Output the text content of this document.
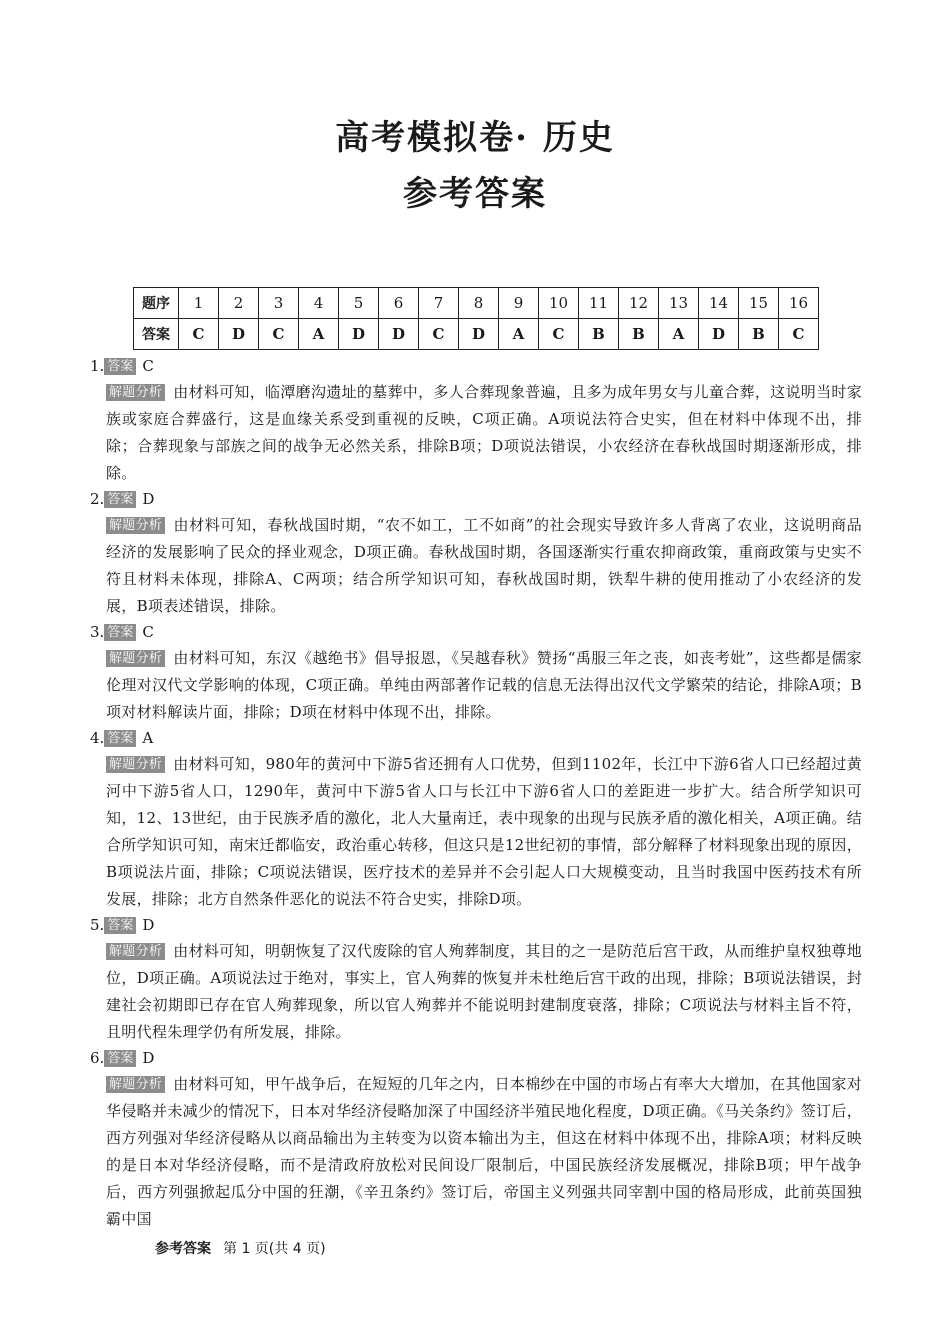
高考模拟卷· 历史
参考答案
题序	1	2	3	4	5	6	7	8	9	10	11	12	13	14	15	16
答案	C	D	C	A	D	D	C	D	A	C	B	B	A	D	B	C
1. 答案 C
解题分析 由材料可知，临潭磨沟遗址的墓葬中，多人合葬现象普遍，且多为成年男女与儿童合葬，这说明当时家族或家庭合葬盛行，这是血缘关系受到重视的反映，C项正确。A项说法符合史实，但在材料中体现不出，排除；合葬现象与部族之间的战争无必然关系，排除B项；D项说法错误，小农经济在春秋战国时期逐渐形成，排除。
2. 答案 D
解题分析 由材料可知，春秋战国时期，“农不如工，工不如商”的社会现实导致许多人背离了农业，这说明商品经济的发展影响了民众的择业观念，D项正确。春秋战国时期，各国逐渐实行重农抑商政策，重商政策与史实不符且材料未体现，排除A、C两项；结合所学知识可知，春秋战国时期，铁犁牛耕的使用推动了小农经济的发展，B项表述错误，排除。
3. 答案 C
解题分析 由材料可知，东汉《越绝书》倡导报恩，《吴越春秋》赞扬“禹服三年之丧，如丧考妣”，这些都是儒家伦理对汉代文学影响的体现，C项正确。单纯由两部著作记载的信息无法得出汉代文学繁荣的结论，排除A项；B项对材料解读片面，排除；D项在材料中体现不出，排除。
4. 答案 A
解题分析 由材料可知，980年的黄河中下游5省还拥有人口优势，但到1102年，长江中下游6省人口已经超过黄河中下游5省人口，1290年，黄河中下游5省人口与长江中下游6省人口的差距进一步扩大。结合所学知识可知，12、13世纪，由于民族矛盾的激化，北人大量南迁，表中现象的出现与民族矛盾的激化相关，A项正确。结合所学知识可知，南宋迁都临安，政治重心转移，但这只是12世纪初的事情，部分解释了材料现象出现的原因，B项说法片面，排除；C项说法错误，医疗技术的差异并不会引起人口大规模变动，且当时我国中医药技术有所发展，排除；北方自然条件恶化的说法不符合史实，排除D项。
5. 答案 D
解题分析 由材料可知，明朝恢复了汉代废除的官人殉葬制度，其目的之一是防范后宫干政，从而维护皇权独尊地位，D项正确。A项说法过于绝对，事实上，官人殉葬的恢复并未杜绝后宫干政的出现，排除；B项说法错误，封建社会初期即已存在官人殉葬现象，所以官人殉葬并不能说明封建制度衰落，排除；C项说法与材料主旨不符，且明代程朱理学仍有所发展，排除。
6. 答案 D
解题分析 由材料可知，甲午战争后，在短短的几年之内，日本棉纱在中国的市场占有率大大增加，在其他国家对华侵略并未减少的情况下，日本对华经济侵略加深了中国经济半殖民地化程度，D项正确。《马关条约》签订后，西方列强对华经济侵略从以商品输出为主转变为以资本输出为主，但这在材料中体现不出，排除A项；材料反映的是日本对华经济侵略，而不是清政府放松对民间设厂限制后，中国民族经济发展概况，排除B项；甲午战争后，西方列强掀起瓜分中国的狂潮，《辛丑条约》签订后，帝国主义列强共同宰割中国的格局形成，此前英国独霸中国
参考答案 第 1 页(共 4 页)
